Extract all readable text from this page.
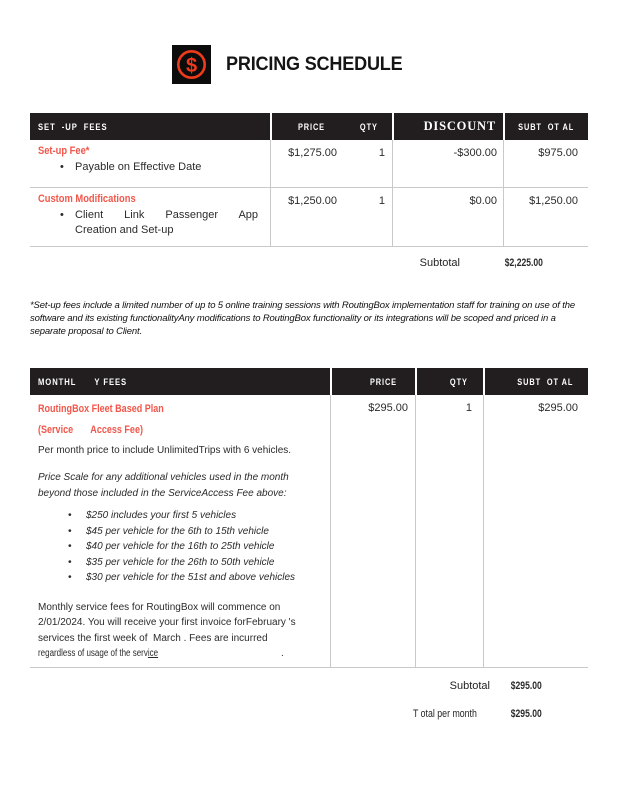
$ PRICING SCHEDULE
SET  -UP  FEES	PRICE	QTY	DISCOUNT	SUBT  OT AL
Set-up Fee*
• Payable on Effective Date
$1,275.00	1	-$300.00	$975.00
Custom Modifications
• Client Link Passenger App
Creation and Set-up
$1,250.00	1	$0.00	$1,250.00
Subtotal	$2,225.00
*Set-up fees include a limited number of up to 5 online training sessions with RoutingBox implementation staff for training on use of the
software and its existing functionalityAny modifications to RoutingBox functionality or its integrations will be scoped and priced in a
separate proposal to Client.
MONTHL      Y FEES	PRICE	QTY	SUBT  OT AL
RoutingBox Fleet Based Plan
(Service       Access Fee)
Per month price to include UnlimitedTrips with 6 vehicles.
Price Scale for any additional vehicles used in the month
beyond those included in the ServiceAccess Fee above:
• $250 includes your first 5 vehicles
• $45 per vehicle for the 6th to 15th vehicle
• $40 per vehicle for the 16th to 25th vehicle
• $35 per vehicle for the 26th to 50th vehicle
• $30 per vehicle for the 51st and above vehicles
Monthly service fees for RoutingBox will commence on
2/01/2024. You will receive your first invoice forFebruary 's
services the first week of  March . Fees are incurred
regardless of usage of the service	.
$295.00	1	$295.00
Subtotal	$295.00
T otal per month	$295.00
